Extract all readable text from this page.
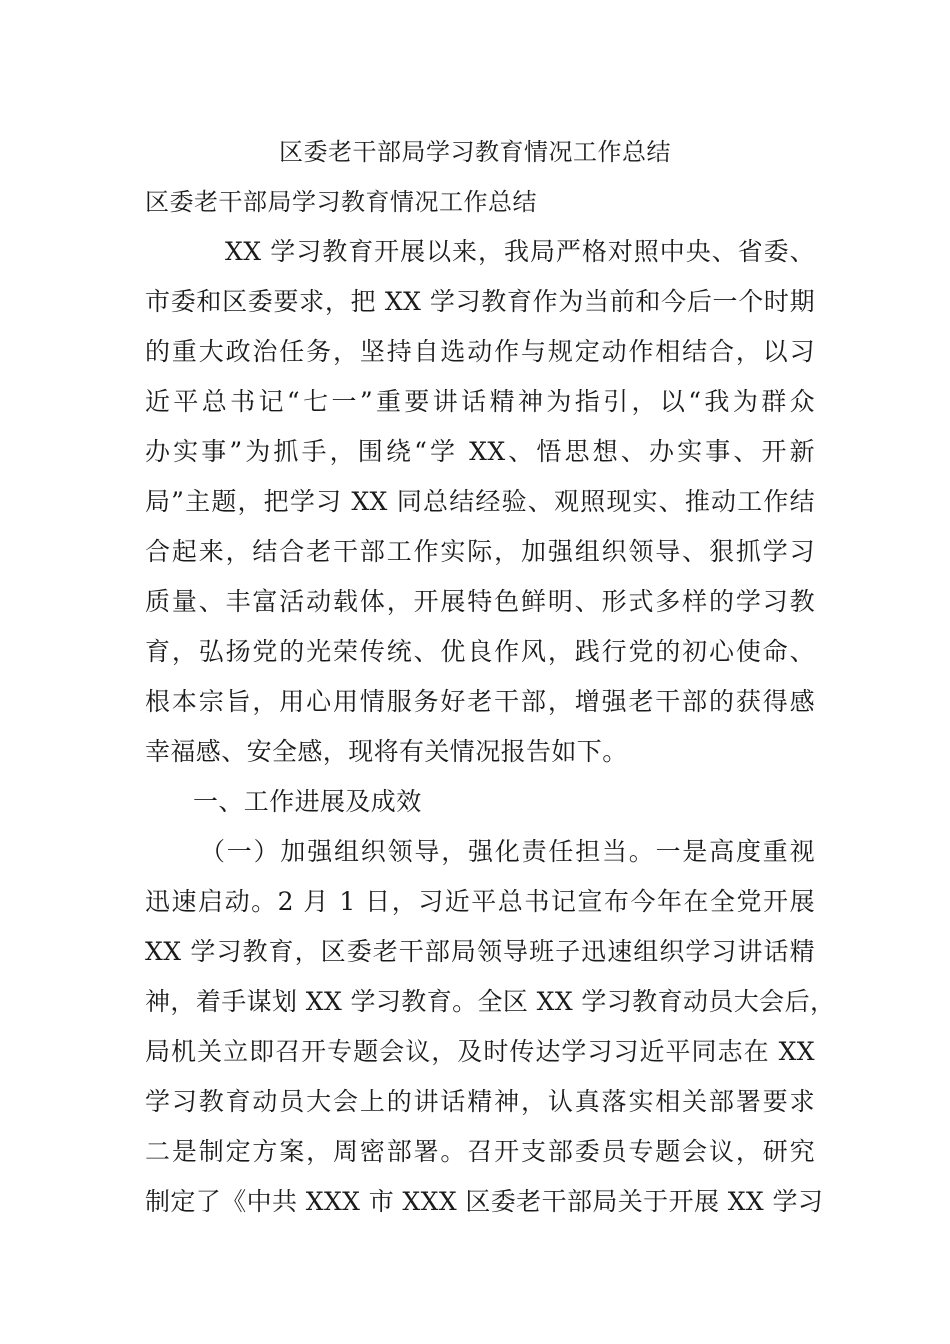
区委老干部局学习教育情况工作总结
区委老干部局学习教育情况工作总结
XX 学习教育开展以来，我局严格对照中央、省委、
市委和区委要求，把 XX 学习教育作为当前和今后一个时期
的重大政治任务，坚持自选动作与规定动作相结合，以习
近平总书记“七一”重要讲话精神为指引，以“我为群众
办实事”为抓手，围绕“学 XX、悟思想、办实事、开新
局”主题，把学习 XX 同总结经验、观照现实、推动工作结
合起来，结合老干部工作实际，加强组织领导、狠抓学习
质量、丰富活动载体，开展特色鲜明、形式多样的学习教
育，弘扬党的光荣传统、优良作风，践行党的初心使命、
根本宗旨，用心用情服务好老干部，增强老干部的获得感
幸福感、安全感，现将有关情况报告如下。
一、工作进展及成效
（一）加强组织领导，强化责任担当。一是高度重视
迅速启动。2 月 1 日，习近平总书记宣布今年在全党开展
XX 学习教育，区委老干部局领导班子迅速组织学习讲话精
神，着手谋划 XX 学习教育。全区 XX 学习教育动员大会后，
局机关立即召开专题会议，及时传达学习习近平同志在 XX
学习教育动员大会上的讲话精神，认真落实相关部署要求
二是制定方案，周密部署。召开支部委员专题会议，研究
制定了《中共 XXX 市 XXX 区委老干部局关于开展 XX 学习
